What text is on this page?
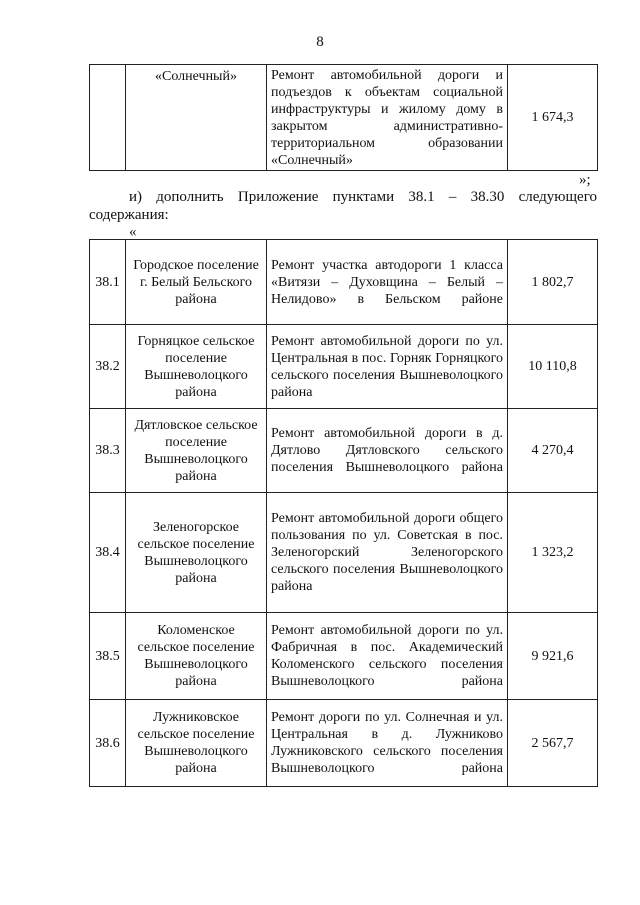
8
	«Солнечный»	Ремонт автомобильной дороги и подъездов к объектам социальной инфраструктуры и жилому дому в закрытом административно-территориальном образовании «Солнечный»	1 674,3
»;
и) дополнить Приложение пунктами 38.1 – 38.30 следующего содержания:
«
38.1	Городское поселение г. Белый Бельского района	Ремонт участка автодороги 1 класса «Витязи – Духовщина – Белый – Нелидово» в Бельском районе	1 802,7
38.2	Горняцкое сельское поселение Вышневолоцкого района	Ремонт автомобильной дороги по ул. Центральная в пос. Горняк Горняцкого сельского поселения Вышневолоцкого района	10 110,8
38.3	Дятловское сельское поселение Вышневолоцкого района	Ремонт автомобильной дороги в д. Дятлово Дятловского сельского поселения Вышневолоцкого района	4 270,4
38.4	Зеленогорское сельское поселение Вышневолоцкого района	Ремонт автомобильной дороги общего пользования по ул. Советская в пос. Зеленогорский Зеленогорского сельского поселения Вышневолоцкого района	1 323,2
38.5	Коломенское сельское поселение Вышневолоцкого района	Ремонт автомобильной дороги по ул. Фабричная в пос. Академический Коломенского сельского поселения Вышневолоцкого района	9 921,6
38.6	Лужниковское сельское поселение Вышневолоцкого района	Ремонт дороги по ул. Солнечная и ул. Центральная в д. Лужниково Лужниковского сельского поселения Вышневолоцкого района	2 567,7
